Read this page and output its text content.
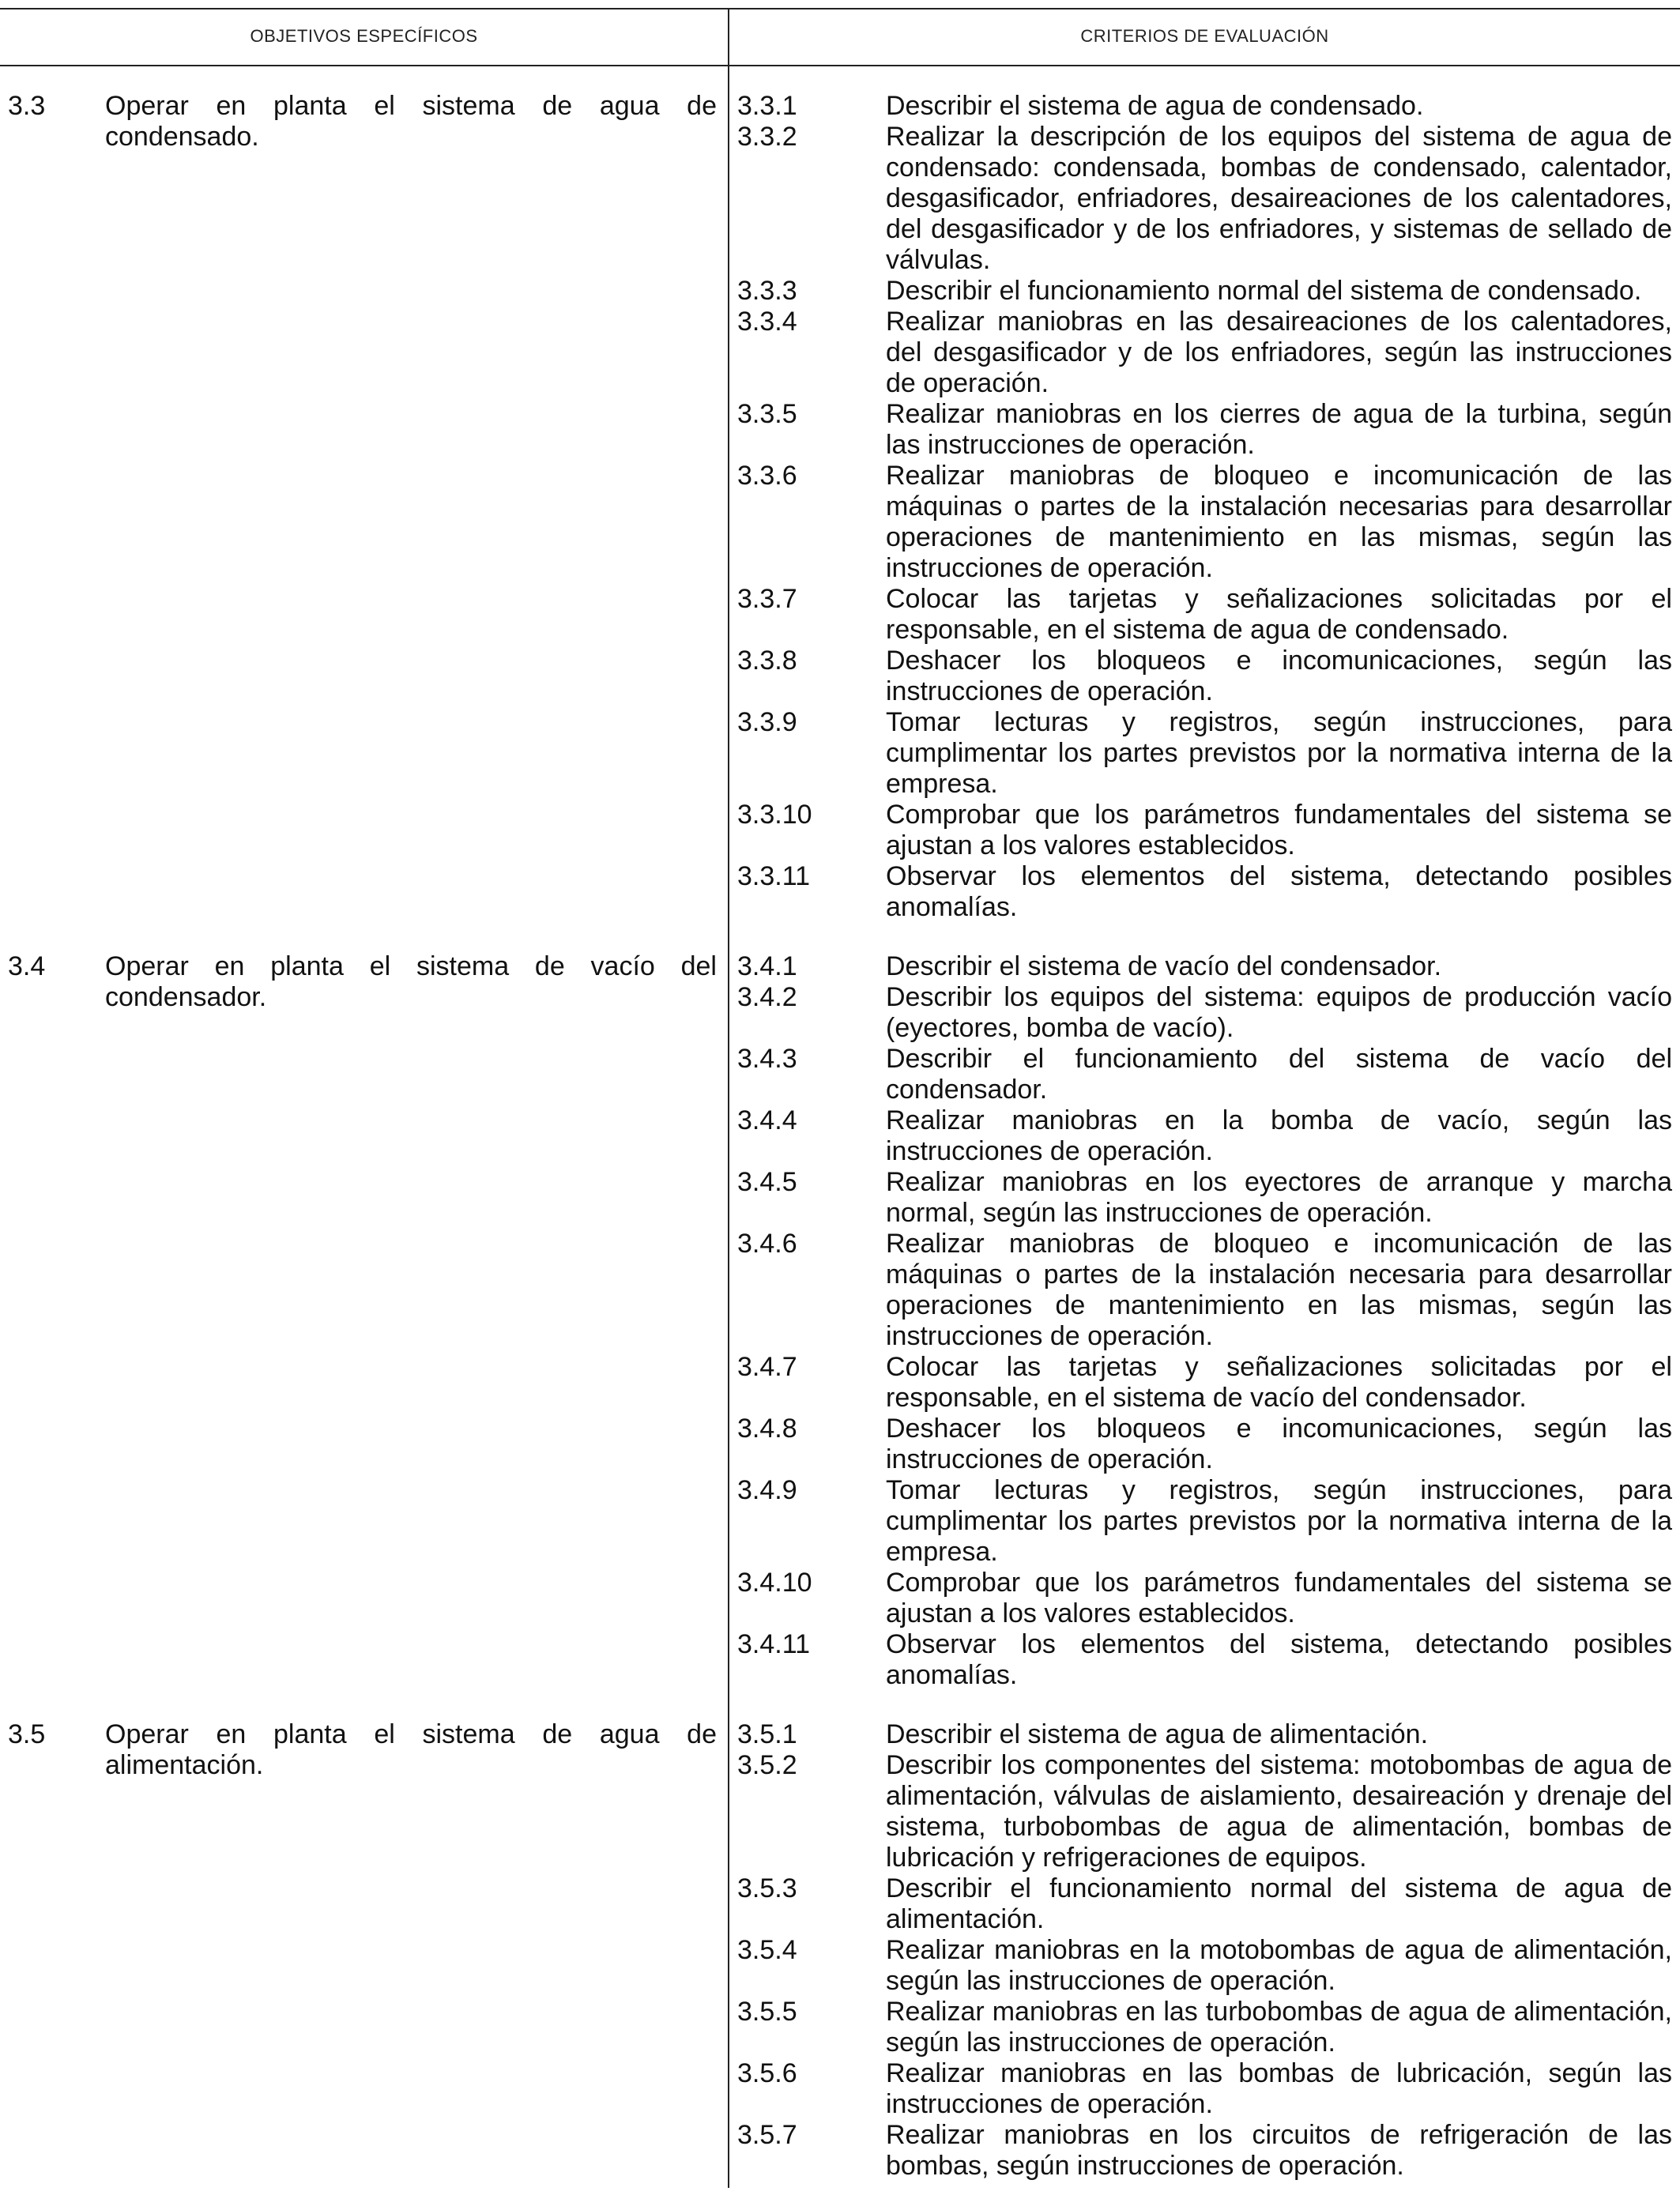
OBJETIVOS ESPECÍFICOS	CRITERIOS DE EVALUACIÓN
3.3	Operar en planta el sistema de agua de condensado.
3.3.1	Describir el sistema de agua de condensado.
3.3.2	Realizar la descripción de los equipos del sistema de agua de condensado: condensada, bombas de condensado, calentador, desgasificador, enfriadores, desaireaciones de los calentadores, del desgasificador y de los enfriadores, y sistemas de sellado de válvulas.
3.3.3	Describir el funcionamiento normal del sistema de condensado.
3.3.4	Realizar maniobras en las desaireaciones de los calentadores, del desgasificador y de los enfriadores, según las instrucciones de operación.
3.3.5	Realizar maniobras en los cierres de agua de la turbina, según las instrucciones de operación.
3.3.6	Realizar maniobras de bloqueo e incomunicación de las máquinas o partes de la instalación necesarias para desarrollar operaciones de mantenimiento en las mismas, según las instrucciones de operación.
3.3.7	Colocar las tarjetas y señalizaciones solicitadas por el responsable, en el sistema de agua de condensado.
3.3.8	Deshacer los bloqueos e incomunicaciones, según las instrucciones de operación.
3.3.9	Tomar lecturas y registros, según instrucciones, para cumplimentar los partes previstos por la normativa interna de la empresa.
3.3.10	Comprobar que los parámetros fundamentales del sistema se ajustan a los valores establecidos.
3.3.11	Observar los elementos del sistema, detectando posibles anomalías.
3.4	Operar en planta el sistema de vacío del condensador.
3.4.1	Describir el sistema de vacío del condensador.
3.4.2	Describir los equipos del sistema: equipos de producción vacío (eyectores, bomba de vacío).
3.4.3	Describir el funcionamiento del sistema de vacío del condensador.
3.4.4	Realizar maniobras en la bomba de vacío, según las instrucciones de operación.
3.4.5	Realizar maniobras en los eyectores de arranque y marcha normal, según las instrucciones de operación.
3.4.6	Realizar maniobras de bloqueo e incomunicación de las máquinas o partes de la instalación necesaria para desarrollar operaciones de mantenimiento en las mismas, según las instrucciones de operación.
3.4.7	Colocar las tarjetas y señalizaciones solicitadas por el responsable, en el sistema de vacío del condensador.
3.4.8	Deshacer los bloqueos e incomunicaciones, según las instrucciones de operación.
3.4.9	Tomar lecturas y registros, según instrucciones, para cumplimentar los partes previstos por la normativa interna de la empresa.
3.4.10	Comprobar que los parámetros fundamentales del sistema se ajustan a los valores establecidos.
3.4.11	Observar los elementos del sistema, detectando posibles anomalías.
3.5	Operar en planta el sistema de agua de alimentación.
3.5.1	Describir el sistema de agua de alimentación.
3.5.2	Describir los componentes del sistema: motobombas de agua de alimentación, válvulas de aislamiento, desaireación y drenaje del sistema, turbobombas de agua de alimentación, bombas de lubricación y refrigeraciones de equipos.
3.5.3	Describir el funcionamiento normal del sistema de agua de alimentación.
3.5.4	Realizar maniobras en la motobombas de agua de alimentación, según las instrucciones de operación.
3.5.5	Realizar maniobras en las turbobombas de agua de alimentación, según las instrucciones de operación.
3.5.6	Realizar maniobras en las bombas de lubricación, según las instrucciones de operación.
3.5.7	Realizar maniobras en los circuitos de refrigeración de las bombas, según instrucciones de operación.
